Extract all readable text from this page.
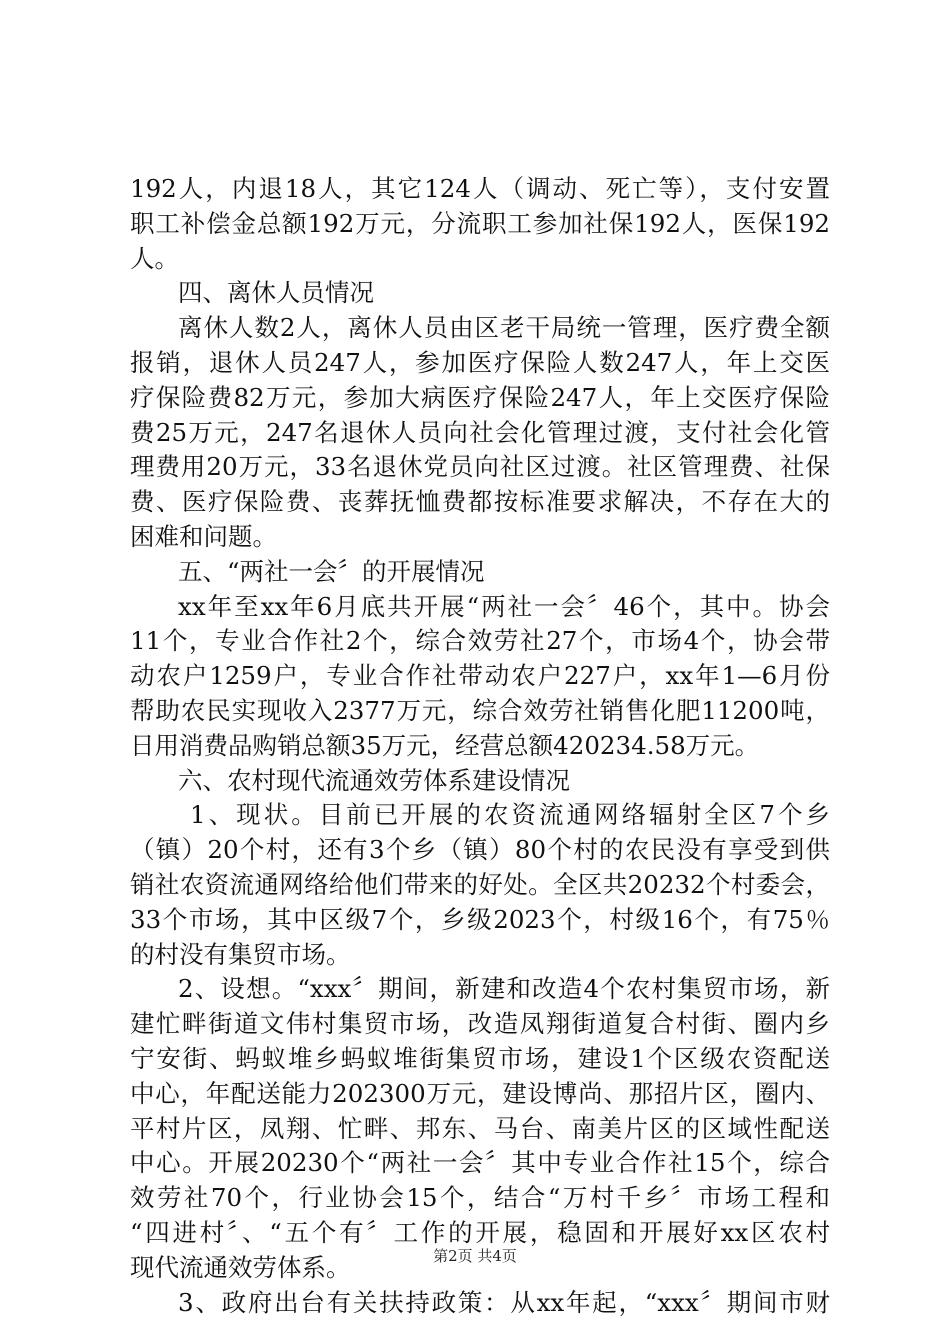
192人，内退18人，其它124人（调动、死亡等），支付安置
职工补偿金总额192万元，分流职工参加社保192人，医保192
人。
四、离休人员情况
离休人数2人，离休人员由区老干局统一管理，医疗费全额
报销，退休人员247人，参加医疗保险人数247人，年上交医
疗保险费82万元，参加大病医疗保险247人，年上交医疗保险
费25万元，247名退休人员向社会化管理过渡，支付社会化管
理费用20万元，33名退休党员向社区过渡。社区管理费、社保
费、医疗保险费、丧葬抚恤费都按标准要求解决，不存在大的
困难和问题。
五、“两社一会〞的开展情况
xx年至xx年6月底共开展“两社一会〞46个，其中。协会
11个，专业合作社2个，综合效劳社27个，市场4个，协会带
动农户1259户，专业合作社带动农户227户，xx年1—6月份
帮助农民实现收入2377万元，综合效劳社销售化肥11200吨，
日用消费品购销总额35万元，经营总额420234.58万元。
六、农村现代流通效劳体系建设情况
1、现状。目前已开展的农资流通网络辐射全区7个乡
（镇）20个村，还有3个乡（镇）80个村的农民没有享受到供
销社农资流通网络给他们带来的好处。全区共20232个村委会，
33个市场，其中区级7个，乡级2023个，村级16个，有75％
的村没有集贸市场。
2、设想。“xxx〞期间，新建和改造4个农村集贸市场，新
建忙畔街道文伟村集贸市场，改造凤翔街道复合村街、圈内乡
宁安街、蚂蚁堆乡蚂蚁堆街集贸市场，建设1个区级农资配送
中心，年配送能力202300万元，建设博尚、那招片区，圈内、
平村片区，凤翔、忙畔、邦东、马台、南美片区的区域性配送
中心。开展20230个“两社一会〞其中专业合作社15个，综合
效劳社70个，行业协会15个，结合“万村千乡〞市场工程和
“四进村〞、“五个有〞工作的开展，稳固和开展好xx区农村
现代流通效劳体系。
3、政府出台有关扶持政策：从xx年起，“xxx〞期间市财
第2页 共4页
